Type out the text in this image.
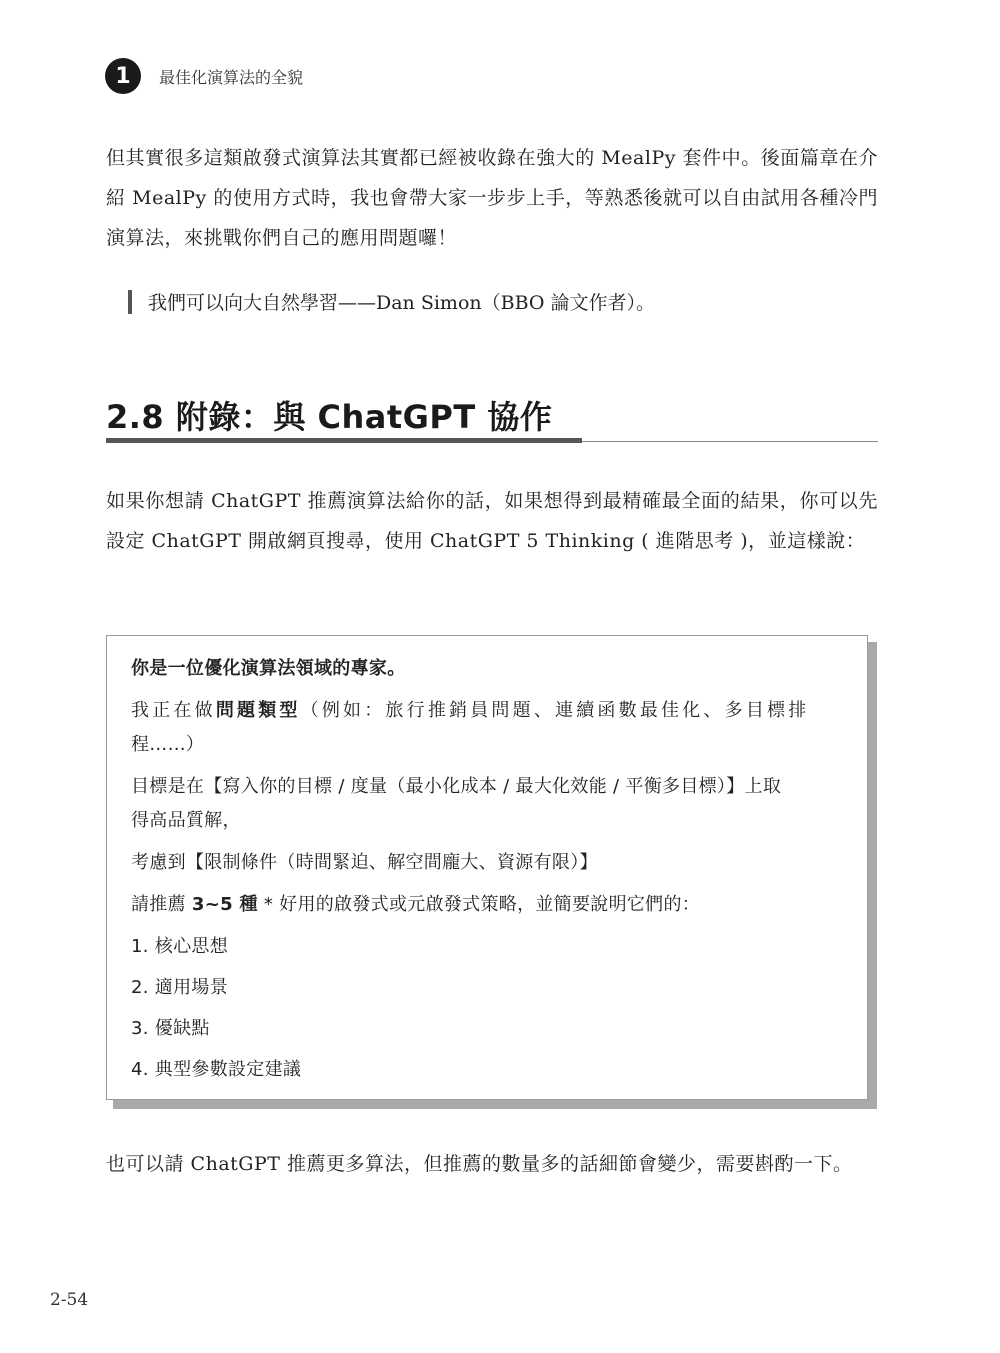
1	最佳化演算法的全貌

但其實很多這類啟發式演算法其實都已經被收錄在強大的 MealPy 套件中。後面篇章在介紹 MealPy 的使用方式時，我也會帶大家一步步上手，等熟悉後就可以自由試用各種冷門演算法，來挑戰你們自己的應用問題囉！

我們可以向大自然學習——Dan Simon（BBO 論文作者）。
2.8 附錄：與 ChatGPT 協作

如果你想請 ChatGPT 推薦演算法給你的話，如果想得到最精確最全面的結果，你可以先設定 ChatGPT 開啟網頁搜尋，使用 ChatGPT 5 Thinking ( 進階思考 )，並這樣說：

你是一位優化演算法領域的專家。
我正在做問題類型（例如：旅行推銷員問題、連續函數最佳化、多目標排
程……）
目標是在【寫入你的目標 / 度量（最小化成本 / 最大化效能 / 平衡多目標）】上取
得高品質解，
考慮到【限制條件（時間緊迫、解空間龐大、資源有限）】
請推薦 3~5 種 * 好用的啟發式或元啟發式策略，並簡要說明它們的：
1. 核心思想
2. 適用場景
3. 優缺點
4. 典型參數設定建議

也可以請 ChatGPT 推薦更多算法，但推薦的數量多的話細節會變少，需要斟酌一下。

2-54
